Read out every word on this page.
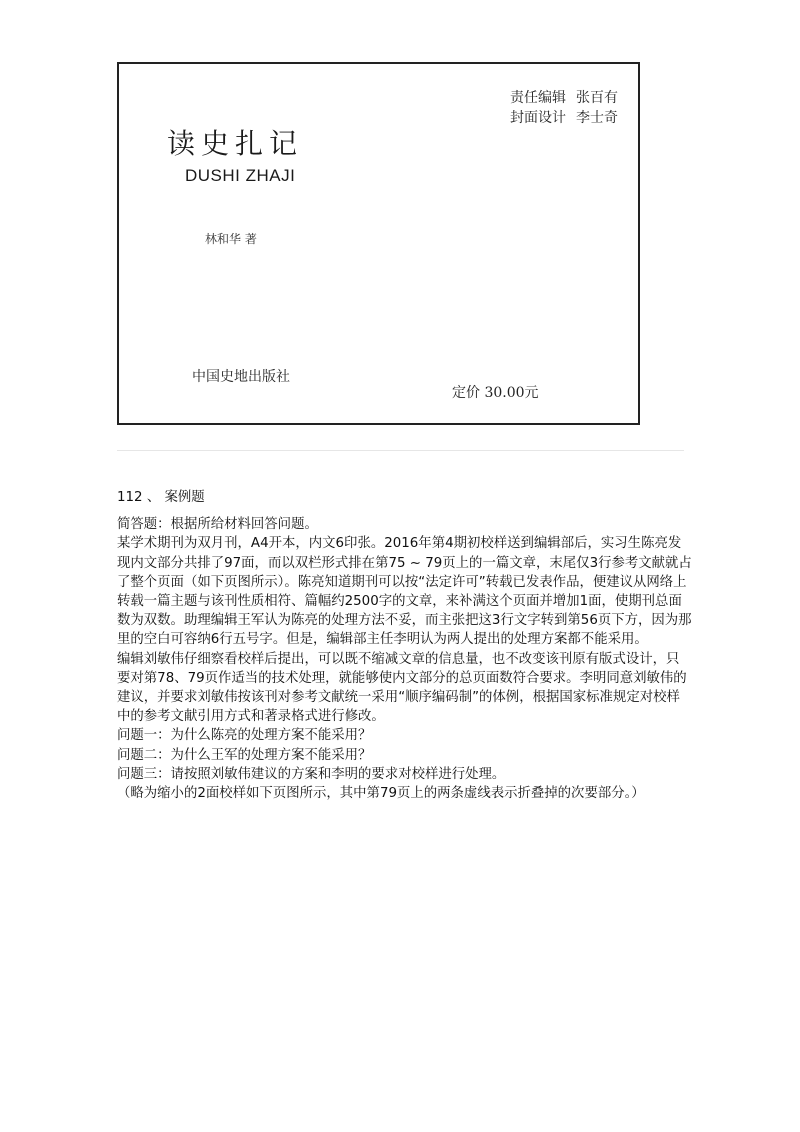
责任编辑 张百有
封面设计 李士奇
读史扎记
DUSHI ZHAJI
林和华 著
中国史地出版社
定价 30.00元

112 、 案例题

简答题：根据所给材料回答问题。

某学术期刊为双月刊，A4开本，内文6印张。2016年第4期初校样送到编辑部后，实习生陈亮发现内文部分共排了97面，而以双栏形式排在第75 ~ 79页上的一篇文章，末尾仅3行参考文献就占了整个页面（如下页图所示）。陈亮知道期刊可以按“法定许可”转载已发表作品，便建议从网络上转载一篇主题与该刊性质相符、篇幅约2500字的文章，来补满这个页面并增加1面，使期刊总面数为双数。助理编辑王军认为陈亮的处理方法不妥，而主张把这3行文字转到第56页下方，因为那里的空白可容纳6行五号字。但是，编辑部主任李明认为两人提出的处理方案都不能采用。

编辑刘敏伟仔细察看校样后提出，可以既不缩减文章的信息量，也不改变该刊原有版式设计，只要对第78、79页作适当的技术处理，就能够使内文部分的总页面数符合要求。李明同意刘敏伟的建议，并要求刘敏伟按该刊对参考文献统一采用“顺序编码制”的体例，根据国家标准规定对校样中的参考文献引用方式和著录格式进行修改。

问题一：为什么陈亮的处理方案不能采用？

问题二：为什么王军的处理方案不能采用？

问题三：请按照刘敏伟建议的方案和李明的要求对校样进行处理。

（略为缩小的2面校样如下页图所示，其中第79页上的两条虚线表示折叠掉的次要部分。）
